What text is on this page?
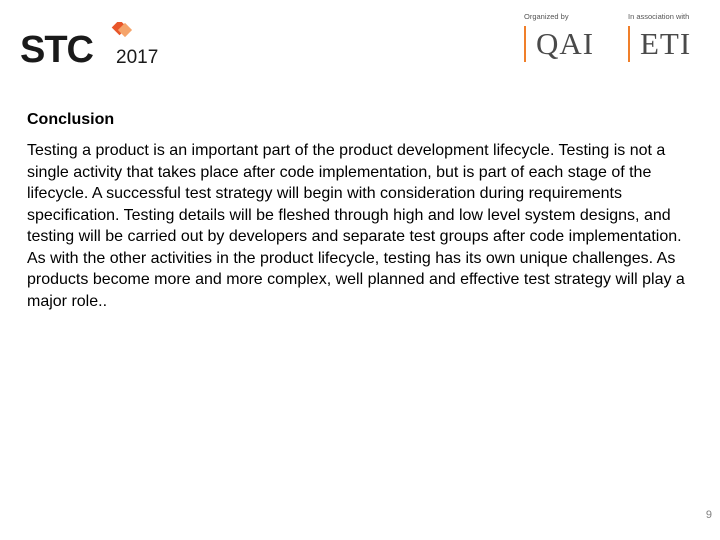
STC 2017
Organized by
QAI
In association with
ETI
Conclusion

Testing a product is an important part of the product development lifecycle. Testing is not a single activity that takes place after code implementation, but is part of each stage of the lifecycle. A successful test strategy will begin with consideration during requirements specification. Testing details will be fleshed through high and low level system designs, and testing will be carried out by developers and separate test groups after code implementation. As with the other activities in the product lifecycle, testing has its own unique challenges. As products become more and more complex, well planned and effective test strategy will play a major role..

9
